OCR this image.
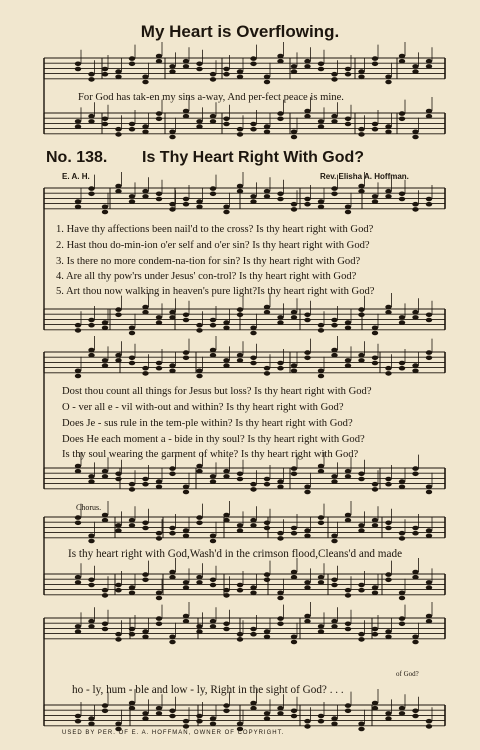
My Heart is Overflowing.
For God has tak-en my sins a-way, And per-fect peace is mine.
No. 138. Is Thy Heart Right With God?
E. A. H.	Rev. Elisha A. Hoffman.
1. Have thy affections been nail'd to the cross? Is thy heart right with God?
2. Hast thou do-min-ion o'er self and o'er sin? Is thy heart right with God?
3. Is there no more condem-na-tion for sin? Is thy heart right with God?
4. Are all thy pow'rs under Jesus' con-trol? Is thy heart right with God?
5. Art thou now walking in heaven's pure light?Is thy heart right with God?
Dost thou count all things for Jesus but loss? Is thy heart right with God?
O - ver all e - vil with-out and within? Is thy heart right with God?
Does Je - sus rule in the tem-ple within? Is thy heart right with God?
Does He each moment a - bide in thy soul? Is thy heart right with God?
Is thy soul wearing the garment of white? Is thy heart right with God?
Chorus.
Is thy heart right with God,Wash'd in the crimson flood,Cleans'd and made
of God?
ho - ly, hum - ble and low - ly, Right in the sight of God? . . .
USED BY PER. OF E. A. HOFFMAN, OWNER OF COPYRIGHT.
